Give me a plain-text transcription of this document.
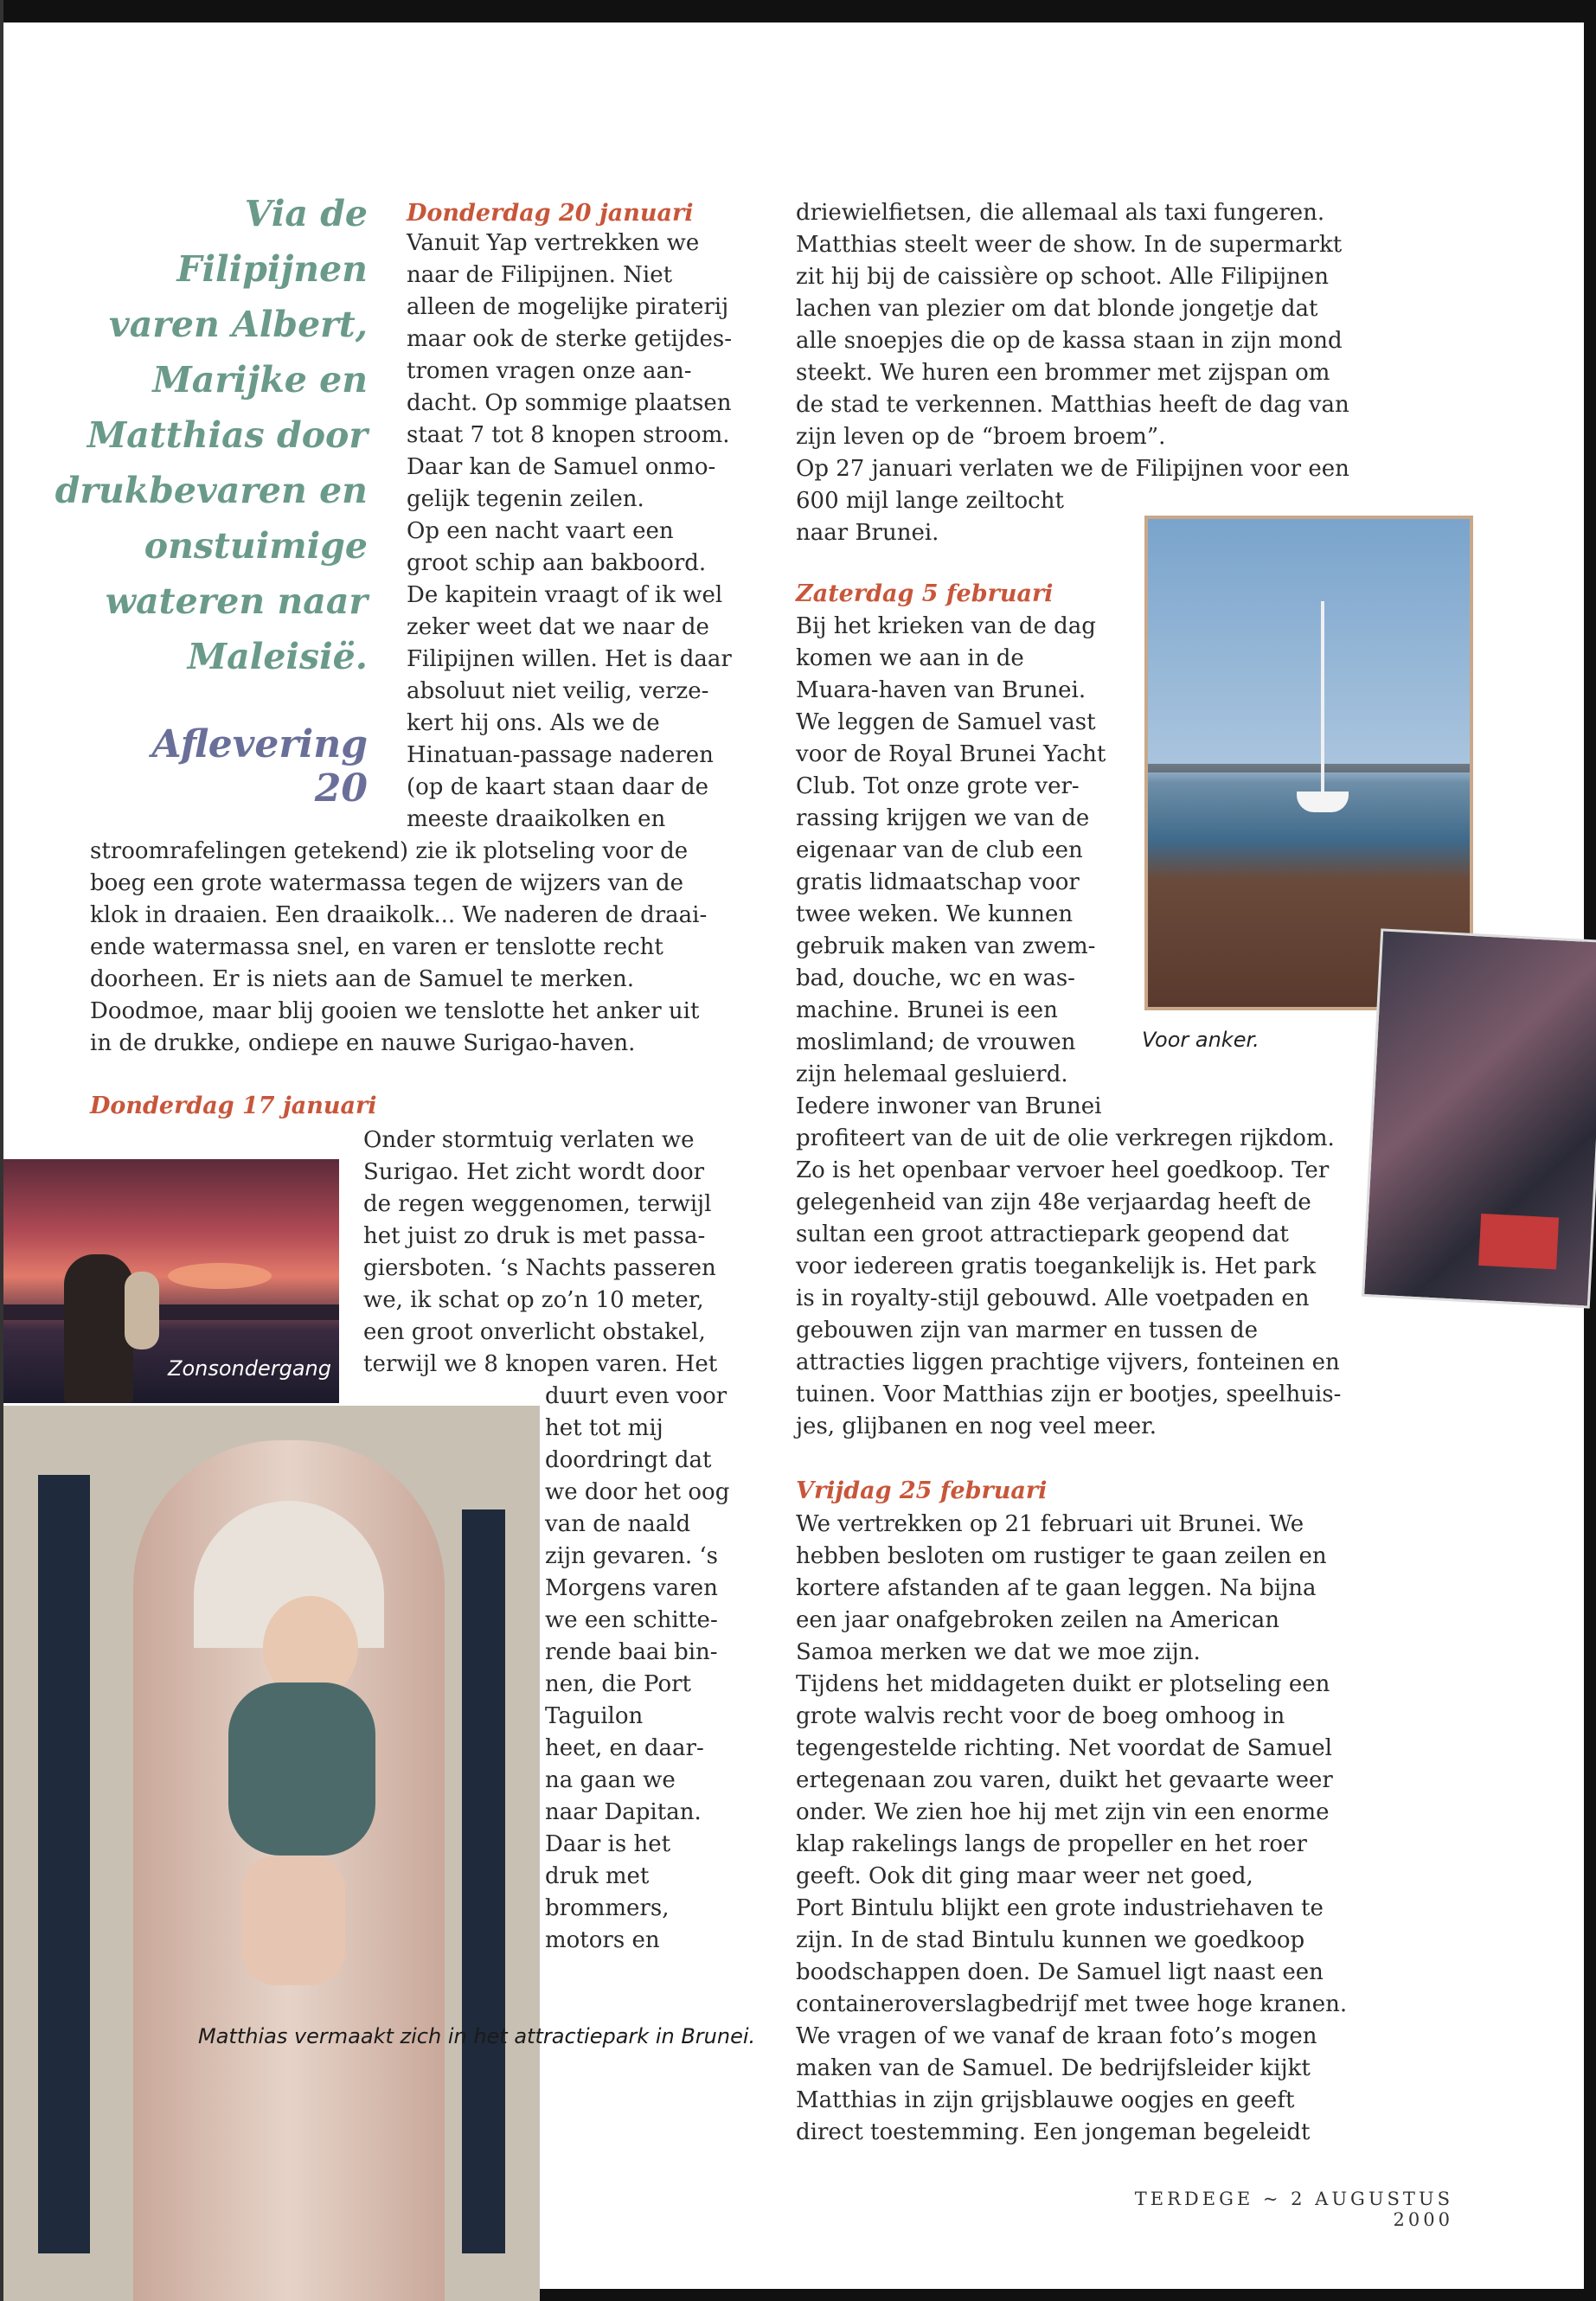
Via de Filipijnen
varen Albert,
Marijke en
Matthias door
drukbevaren en
onstuimige
wateren naar
Maleisië.
Aflevering 20
Donderdag 20 januari
Vanuit Yap vertrekken we
naar de Filipijnen. Niet
alleen de mogelijke piraterij
maar ook de sterke getijdes-
tromen vragen onze aan-
dacht. Op sommige plaatsen
staat 7 tot 8 knopen stroom.
Daar kan de Samuel onmo-
gelijk tegenin zeilen.
Op een nacht vaart een
groot schip aan bakboord.
De kapitein vraagt of ik wel
zeker weet dat we naar de
Filipijnen willen. Het is daar
absoluut niet veilig, verze-
kert hij ons. Als we de
Hinatuan-passage naderen
(op de kaart staan daar de
meeste draaikolken en
stroomrafelingen getekend) zie ik plotseling voor de
boeg een grote watermassa tegen de wijzers van de
klok in draaien. Een draaikolk... We naderen de draai-
ende watermassa snel, en varen er tenslotte recht
doorheen. Er is niets aan de Samuel te merken.
Doodmoe, maar blij gooien we tenslotte het anker uit
in de drukke, ondiepe en nauwe Surigao-haven.
Donderdag 17 januari
Onder stormtuig verlaten we
Surigao. Het zicht wordt door
de regen weggenomen, terwijl
het juist zo druk is met passa-
giersboten. ‘s Nachts passeren
we, ik schat op zo’n 10 meter,
een groot onverlicht obstakel,
terwijl we 8 knopen varen. Het
duurt even voor
het tot mij
doordringt dat
we door het oog
van de naald
zijn gevaren. ‘s
Morgens varen
we een schitte-
rende baai bin-
nen, die Port
Taguilon
heet, en daar-
na gaan we
naar Dapitan.
Daar is het
druk met
brommers,
motors en
Zonsondergang
Matthias vermaakt zich in het attractiepark in Brunei.
driewielfietsen, die allemaal als taxi fungeren.
Matthias steelt weer de show. In de supermarkt
zit hij bij de caissière op schoot. Alle Filipijnen
lachen van plezier om dat blonde jongetje dat
alle snoepjes die op de kassa staan in zijn mond
steekt. We huren een brommer met zijspan om
de stad te verkennen. Matthias heeft de dag van
zijn leven op de “broem broem”.
Op 27 januari verlaten we de Filipijnen voor een
600 mijl lange zeiltocht
naar Brunei.
Zaterdag 5 februari
Bij het krieken van de dag
komen we aan in de
Muara-haven van Brunei.
We leggen de Samuel vast
voor de Royal Brunei Yacht
Club. Tot onze grote ver-
rassing krijgen we van de
eigenaar van de club een
gratis lidmaatschap voor
twee weken. We kunnen
gebruik maken van zwem-
bad, douche, wc en was-
machine. Brunei is een
moslimland; de vrouwen
zijn helemaal gesluierd.
Iedere inwoner van Brunei
profiteert van de uit de olie verkregen rijkdom.
Zo is het openbaar vervoer heel goedkoop. Ter
gelegenheid van zijn 48e verjaardag heeft de
sultan een groot attractiepark geopend dat
voor iedereen gratis toegankelijk is. Het park
is in royalty-stijl gebouwd. Alle voetpaden en
gebouwen zijn van marmer en tussen de
attracties liggen prachtige vijvers, fonteinen en
tuinen. Voor Matthias zijn er bootjes, speelhuis-
jes, glijbanen en nog veel meer.
Voor anker.
Vrijdag 25 februari
We vertrekken op 21 februari uit Brunei. We
hebben besloten om rustiger te gaan zeilen en
kortere afstanden af te gaan leggen. Na bijna
een jaar onafgebroken zeilen na American
Samoa merken we dat we moe zijn.
Tijdens het middageten duikt er plotseling een
grote walvis recht voor de boeg omhoog in
tegengestelde richting. Net voordat de Samuel
ertegenaan zou varen, duikt het gevaarte weer
onder. We zien hoe hij met zijn vin een enorme
klap rakelings langs de propeller en het roer
geeft. Ook dit ging maar weer net goed,
Port Bintulu blijkt een grote industriehaven te
zijn. In de stad Bintulu kunnen we goedkoop
boodschappen doen. De Samuel ligt naast een
containeroverslagbedrijf met twee hoge kranen.
We vragen of we vanaf de kraan foto’s mogen
maken van de Samuel. De bedrijfsleider kijkt
Matthias in zijn grijsblauwe oogjes en geeft
direct toestemming. Een jongeman begeleidt
TERDEGE ~ 2 AUGUSTUS 2000
